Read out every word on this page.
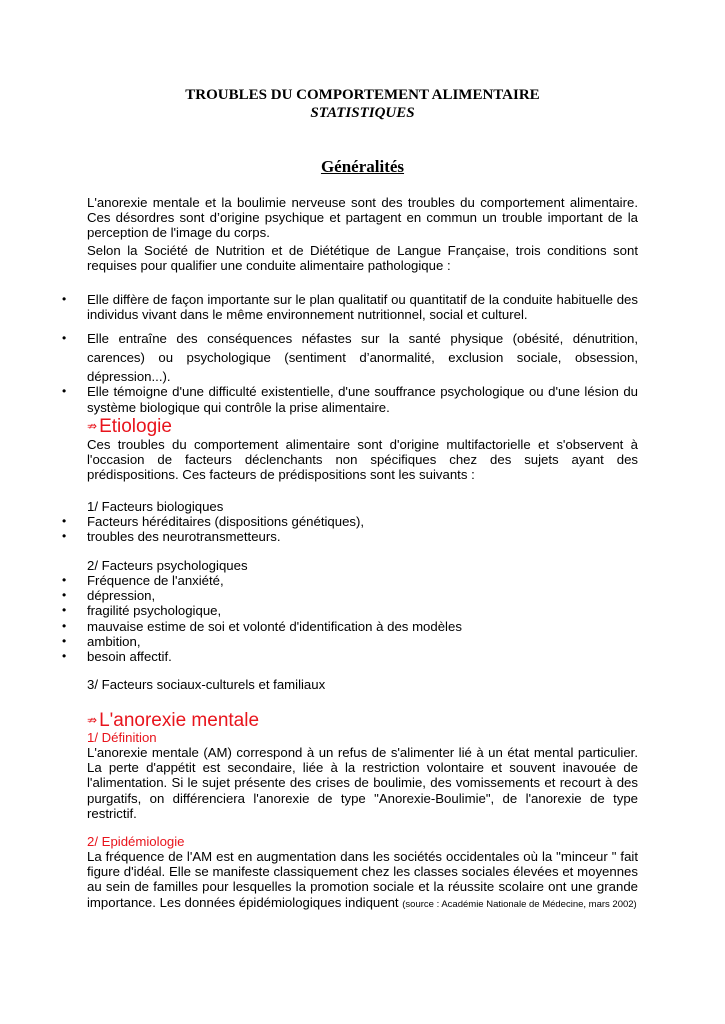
TROUBLES DU COMPORTEMENT ALIMENTAIRE
STATISTIQUES
Généralités
L'anorexie mentale et la boulimie nerveuse sont des troubles du comportement alimentaire. Ces désordres sont d’origine psychique et partagent en commun un trouble important de la perception de l'image du corps.
Selon la Société de Nutrition et de Diététique de Langue Française, trois conditions sont requises pour qualifier une conduite alimentaire pathologique :
• Elle diffère de façon importante sur le plan qualitatif ou quantitatif de la conduite habituelle des individus vivant dans le même environnement nutritionnel, social et culturel.
• Elle entraîne des conséquences néfastes sur la santé physique (obésité, dénutrition, carences) ou psychologique (sentiment d’anormalité, exclusion sociale, obsession, dépression...).
• Elle témoigne d'une difficulté existentielle, d'une souffrance psychologique ou d'une lésion du système biologique qui contrôle la prise alimentaire.
⇏ Etiologie
Ces troubles du comportement alimentaire sont d'origine multifactorielle et s'observent à l'occasion de facteurs déclenchants non spécifiques chez des sujets ayant des prédispositions. Ces facteurs de prédispositions sont les suivants :
1/ Facteurs biologiques
• Facteurs héréditaires (dispositions génétiques),
• troubles des neurotransmetteurs.
2/ Facteurs psychologiques
• Fréquence de l'anxiété,
• dépression,
• fragilité psychologique,
• mauvaise estime de soi et volonté d'identification à des modèles
• ambition,
• besoin affectif.
3/ Facteurs sociaux-culturels et familiaux
⇏ L'anorexie mentale
1/ Définition
L'anorexie mentale (AM) correspond à un refus de s'alimenter lié à un état mental particulier. La perte d'appétit est secondaire, liée à la restriction volontaire et souvent inavouée de l'alimentation. Si le sujet présente des crises de boulimie, des vomissements et recourt à des purgatifs, on différenciera l'anorexie de type "Anorexie-Boulimie", de l'anorexie de type restrictif.
2/ Epidémiologie
La fréquence de l'AM est en augmentation dans les sociétés occidentales où la "minceur " fait figure d'idéal. Elle se manifeste classiquement chez les classes sociales élevées et moyennes au sein de familles pour lesquelles la promotion sociale et la réussite scolaire ont une grande importance. Les données épidémiologiques indiquent (source : Académie Nationale de Médecine, mars 2002)
